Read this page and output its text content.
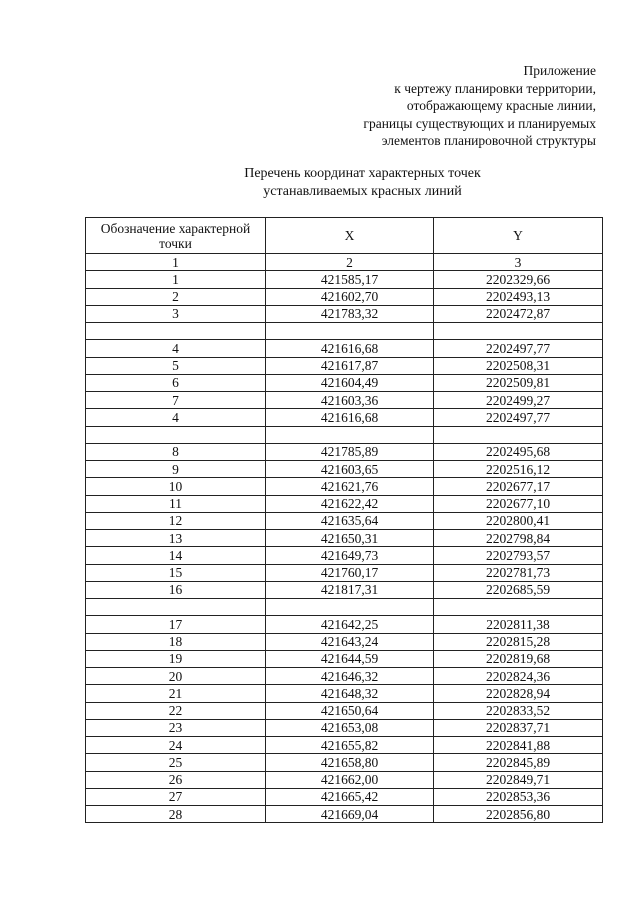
Приложение
к чертежу планировки территории,
отображающему красные линии,
границы существующих и планируемых
элементов планировочной структуры
Перечень координат характерных точек
устанавливаемых красных линий
Обозначение характерной точки	X	Y
1	2	3
1	421585,17	2202329,66
2	421602,70	2202493,13
3	421783,32	2202472,87

4	421616,68	2202497,77
5	421617,87	2202508,31
6	421604,49	2202509,81
7	421603,36	2202499,27
4	421616,68	2202497,77

8	421785,89	2202495,68
9	421603,65	2202516,12
10	421621,76	2202677,17
11	421622,42	2202677,10
12	421635,64	2202800,41
13	421650,31	2202798,84
14	421649,73	2202793,57
15	421760,17	2202781,73
16	421817,31	2202685,59

17	421642,25	2202811,38
18	421643,24	2202815,28
19	421644,59	2202819,68
20	421646,32	2202824,36
21	421648,32	2202828,94
22	421650,64	2202833,52
23	421653,08	2202837,71
24	421655,82	2202841,88
25	421658,80	2202845,89
26	421662,00	2202849,71
27	421665,42	2202853,36
28	421669,04	2202856,80
